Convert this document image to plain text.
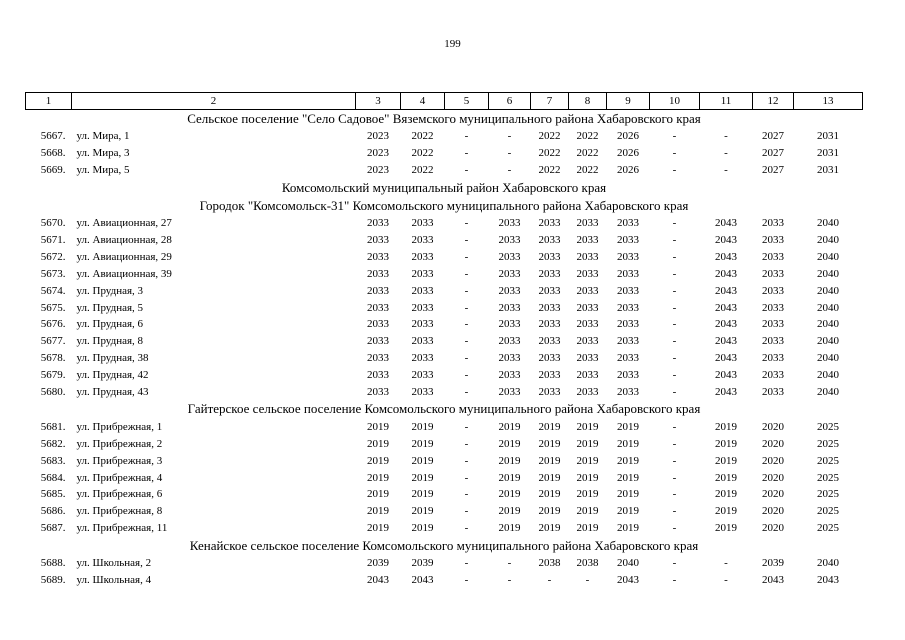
199
1	2	3	4	5	6	7	8	9	10	11	12	13
Сельское поселение "Село Садовое" Вяземского муниципального района Хабаровского края												
5667.	ул. Мира, 1	2023	2022	-	-	2022	2022	2026	-	-	2027	2031
5668.	ул. Мира, 3	2023	2022	-	-	2022	2022	2026	-	-	2027	2031
5669.	ул. Мира, 5	2023	2022	-	-	2022	2022	2026	-	-	2027	2031
Комсомольский муниципальный район Хабаровского края												
Городок "Комсомольск-31" Комсомольского муниципального района Хабаровского края												
5670.	ул. Авиационная, 27	2033	2033	-	2033	2033	2033	2033	-	2043	2033	2040
5671.	ул. Авиационная, 28	2033	2033	-	2033	2033	2033	2033	-	2043	2033	2040
5672.	ул. Авиационная, 29	2033	2033	-	2033	2033	2033	2033	-	2043	2033	2040
5673.	ул. Авиационная, 39	2033	2033	-	2033	2033	2033	2033	-	2043	2033	2040
5674.	ул. Прудная, 3	2033	2033	-	2033	2033	2033	2033	-	2043	2033	2040
5675.	ул. Прудная, 5	2033	2033	-	2033	2033	2033	2033	-	2043	2033	2040
5676.	ул. Прудная, 6	2033	2033	-	2033	2033	2033	2033	-	2043	2033	2040
5677.	ул. Прудная, 8	2033	2033	-	2033	2033	2033	2033	-	2043	2033	2040
5678.	ул. Прудная, 38	2033	2033	-	2033	2033	2033	2033	-	2043	2033	2040
5679.	ул. Прудная, 42	2033	2033	-	2033	2033	2033	2033	-	2043	2033	2040
5680.	ул. Прудная, 43	2033	2033	-	2033	2033	2033	2033	-	2043	2033	2040
Гайтерское сельское поселение Комсомольского муниципального района Хабаровского края												
5681.	ул. Прибрежная, 1	2019	2019	-	2019	2019	2019	2019	-	2019	2020	2025
5682.	ул. Прибрежная, 2	2019	2019	-	2019	2019	2019	2019	-	2019	2020	2025
5683.	ул. Прибрежная, 3	2019	2019	-	2019	2019	2019	2019	-	2019	2020	2025
5684.	ул. Прибрежная, 4	2019	2019	-	2019	2019	2019	2019	-	2019	2020	2025
5685.	ул. Прибрежная, 6	2019	2019	-	2019	2019	2019	2019	-	2019	2020	2025
5686.	ул. Прибрежная, 8	2019	2019	-	2019	2019	2019	2019	-	2019	2020	2025
5687.	ул. Прибрежная, 11	2019	2019	-	2019	2019	2019	2019	-	2019	2020	2025
Кенайское сельское поселение Комсомольского муниципального района Хабаровского края												
5688.	ул. Школьная, 2	2039	2039	-	-	2038	2038	2040	-	-	2039	2040
5689.	ул. Школьная, 4	2043	2043	-	-	-	-	2043	-	-	2043	2043
